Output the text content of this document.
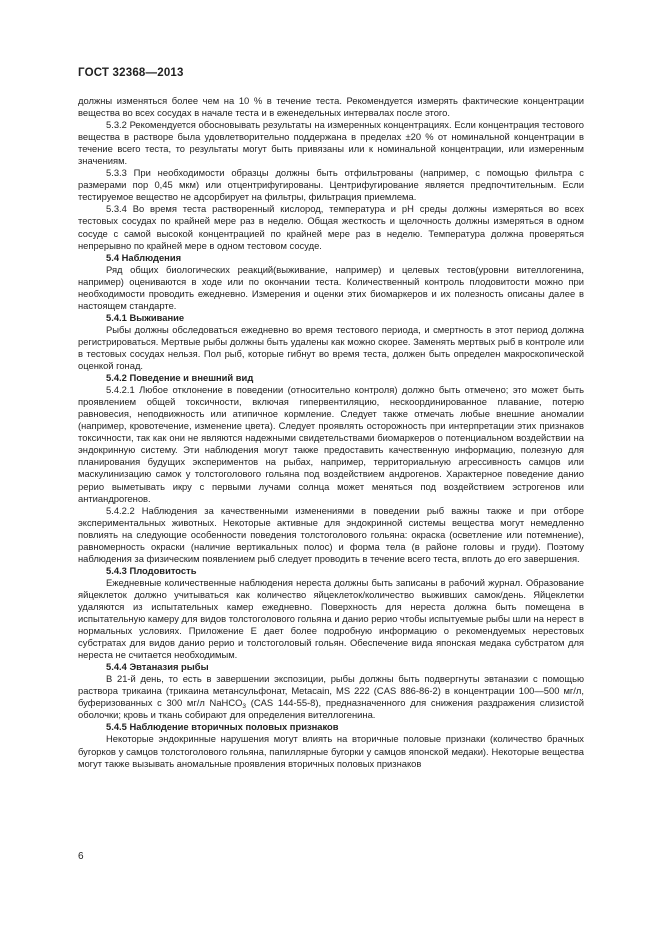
ГОСТ 32368—2013

должны изменяться более чем на 10 % в течение теста. Рекомендуется измерять фактические концентрации вещества во всех сосудах в начале теста и в еженедельных интервалах после этого.

5.3.2 Рекомендуется обосновывать результаты на измеренных концентрациях. Если концентрация тестового вещества в растворе была удовлетворительно поддержана в пределах ±20 % от номинальной концентрации в течение всего теста, то результаты могут быть привязаны или к номинальной концентрации, или измеренным значениям.

5.3.3 При необходимости образцы должны быть отфильтрованы (например, с помощью фильтра с размерами пор 0,45 мкм) или отцентрифугированы. Центрифугирование является предпочтительным. Если тестируемое вещество не адсорбирует на фильтры, фильтрация приемлема.

5.3.4 Во время теста растворенный кислород, температура и pH среды должны измеряться во всех тестовых сосудах по крайней мере раз в неделю. Общая жесткость и щелочность должны измеряться в одном сосуде с самой высокой концентрацией по крайней мере раз в неделю. Температура должна проверяться непрерывно по крайней мере в одном тестовом сосуде.

5.4 Наблюдения

Ряд общих биологических реакций(выживание, например) и целевых тестов(уровни вителлогенина, например) оцениваются в ходе или по окончании теста. Количественный контроль плодовитости можно при необходимости проводить ежедневно. Измерения и оценки этих биомаркеров и их полезность описаны далее в настоящем стандарте.

5.4.1 Выживание

Рыбы должны обследоваться ежедневно во время тестового периода, и смертность в этот период должна регистрироваться. Мертвые рыбы должны быть удалены как можно скорее. Заменять мертвых рыб в контроле или в тестовых сосудах нельзя. Пол рыб, которые гибнут во время теста, должен быть определен макроскопической оценкой гонад.

5.4.2 Поведение и внешний вид

5.4.2.1 Любое отклонение в поведении (относительно контроля) должно быть отмечено; это может быть проявлением общей токсичности, включая гипервентиляцию, нескоординированное плавание, потерю равновесия, неподвижность или атипичное кормление. Следует также отмечать любые внешние аномалии (например, кровотечение, изменение цвета). Следует проявлять осторожность при интерпретации этих признаков токсичности, так как они не являются надежными свидетельствами биомаркеров о потенциальном воздействии на эндокринную систему. Эти наблюдения могут также предоставить качественную информацию, полезную для планирования будущих экспериментов на рыбах, например, территориальную агрессивность самцов или маскулинизацию самок у толстоголового гольяна под воздействием андрогенов. Характерное поведение данио рерио выметывать икру с первыми лучами солнца может меняться под воздействием эстрогенов или антиандрогенов.

5.4.2.2 Наблюдения за качественными изменениями в поведении рыб важны также и при отборе экспериментальных животных. Некоторые активные для эндокринной системы вещества могут немедленно повлиять на следующие особенности поведения толстоголового гольяна: окраска (осветление или потемнение), равномерность окраски (наличие вертикальных полос) и форма тела (в районе головы и груди). Поэтому наблюдения за физическим появлением рыб следует проводить в течение всего теста, вплоть до его завершения.

5.4.3 Плодовитость

Ежедневные количественные наблюдения нереста должны быть записаны в рабочий журнал. Образование яйцеклеток должно учитываться как количество яйцеклеток/количество выживших самок/день. Яйцеклетки удаляются из испытательных камер ежедневно. Поверхность для нереста должна быть помещена в испытательную камеру для видов толстоголового гольяна и данио рерио чтобы испытуемые рыбы шли на нерест в нормальных условиях. Приложение Е дает более подробную информацию о рекомендуемых нерестовых субстратах для видов данио рерио и толстоголовый гольян. Обеспечение вида японская медака субстратом для нереста не считается необходимым.

5.4.4 Эвтаназия рыбы

В 21-й день, то есть в завершении экспозиции, рыбы должны быть подвергнуты эвтаназии с помощью раствора трикаина (трикаина метансульфонат, Metacain, MS 222 (CAS 886-86-2) в концентрации 100—500 мг/л, буферизованных с 300 мг/л NaHCO$_3$ (CAS 144-55-8), предназначенного для снижения раздражения слизистой оболочки; кровь и ткань собирают для определения вителлогенина.

5.4.5 Наблюдение вторичных половых признаков

Некоторые эндокринные нарушения могут влиять на вторичные половые признаки (количество брачных бугорков у самцов толстоголового гольяна, папиллярные бугорки у самцов японской медаки). Некоторые вещества могут также вызывать аномальные проявления вторичных половых признаков

6
